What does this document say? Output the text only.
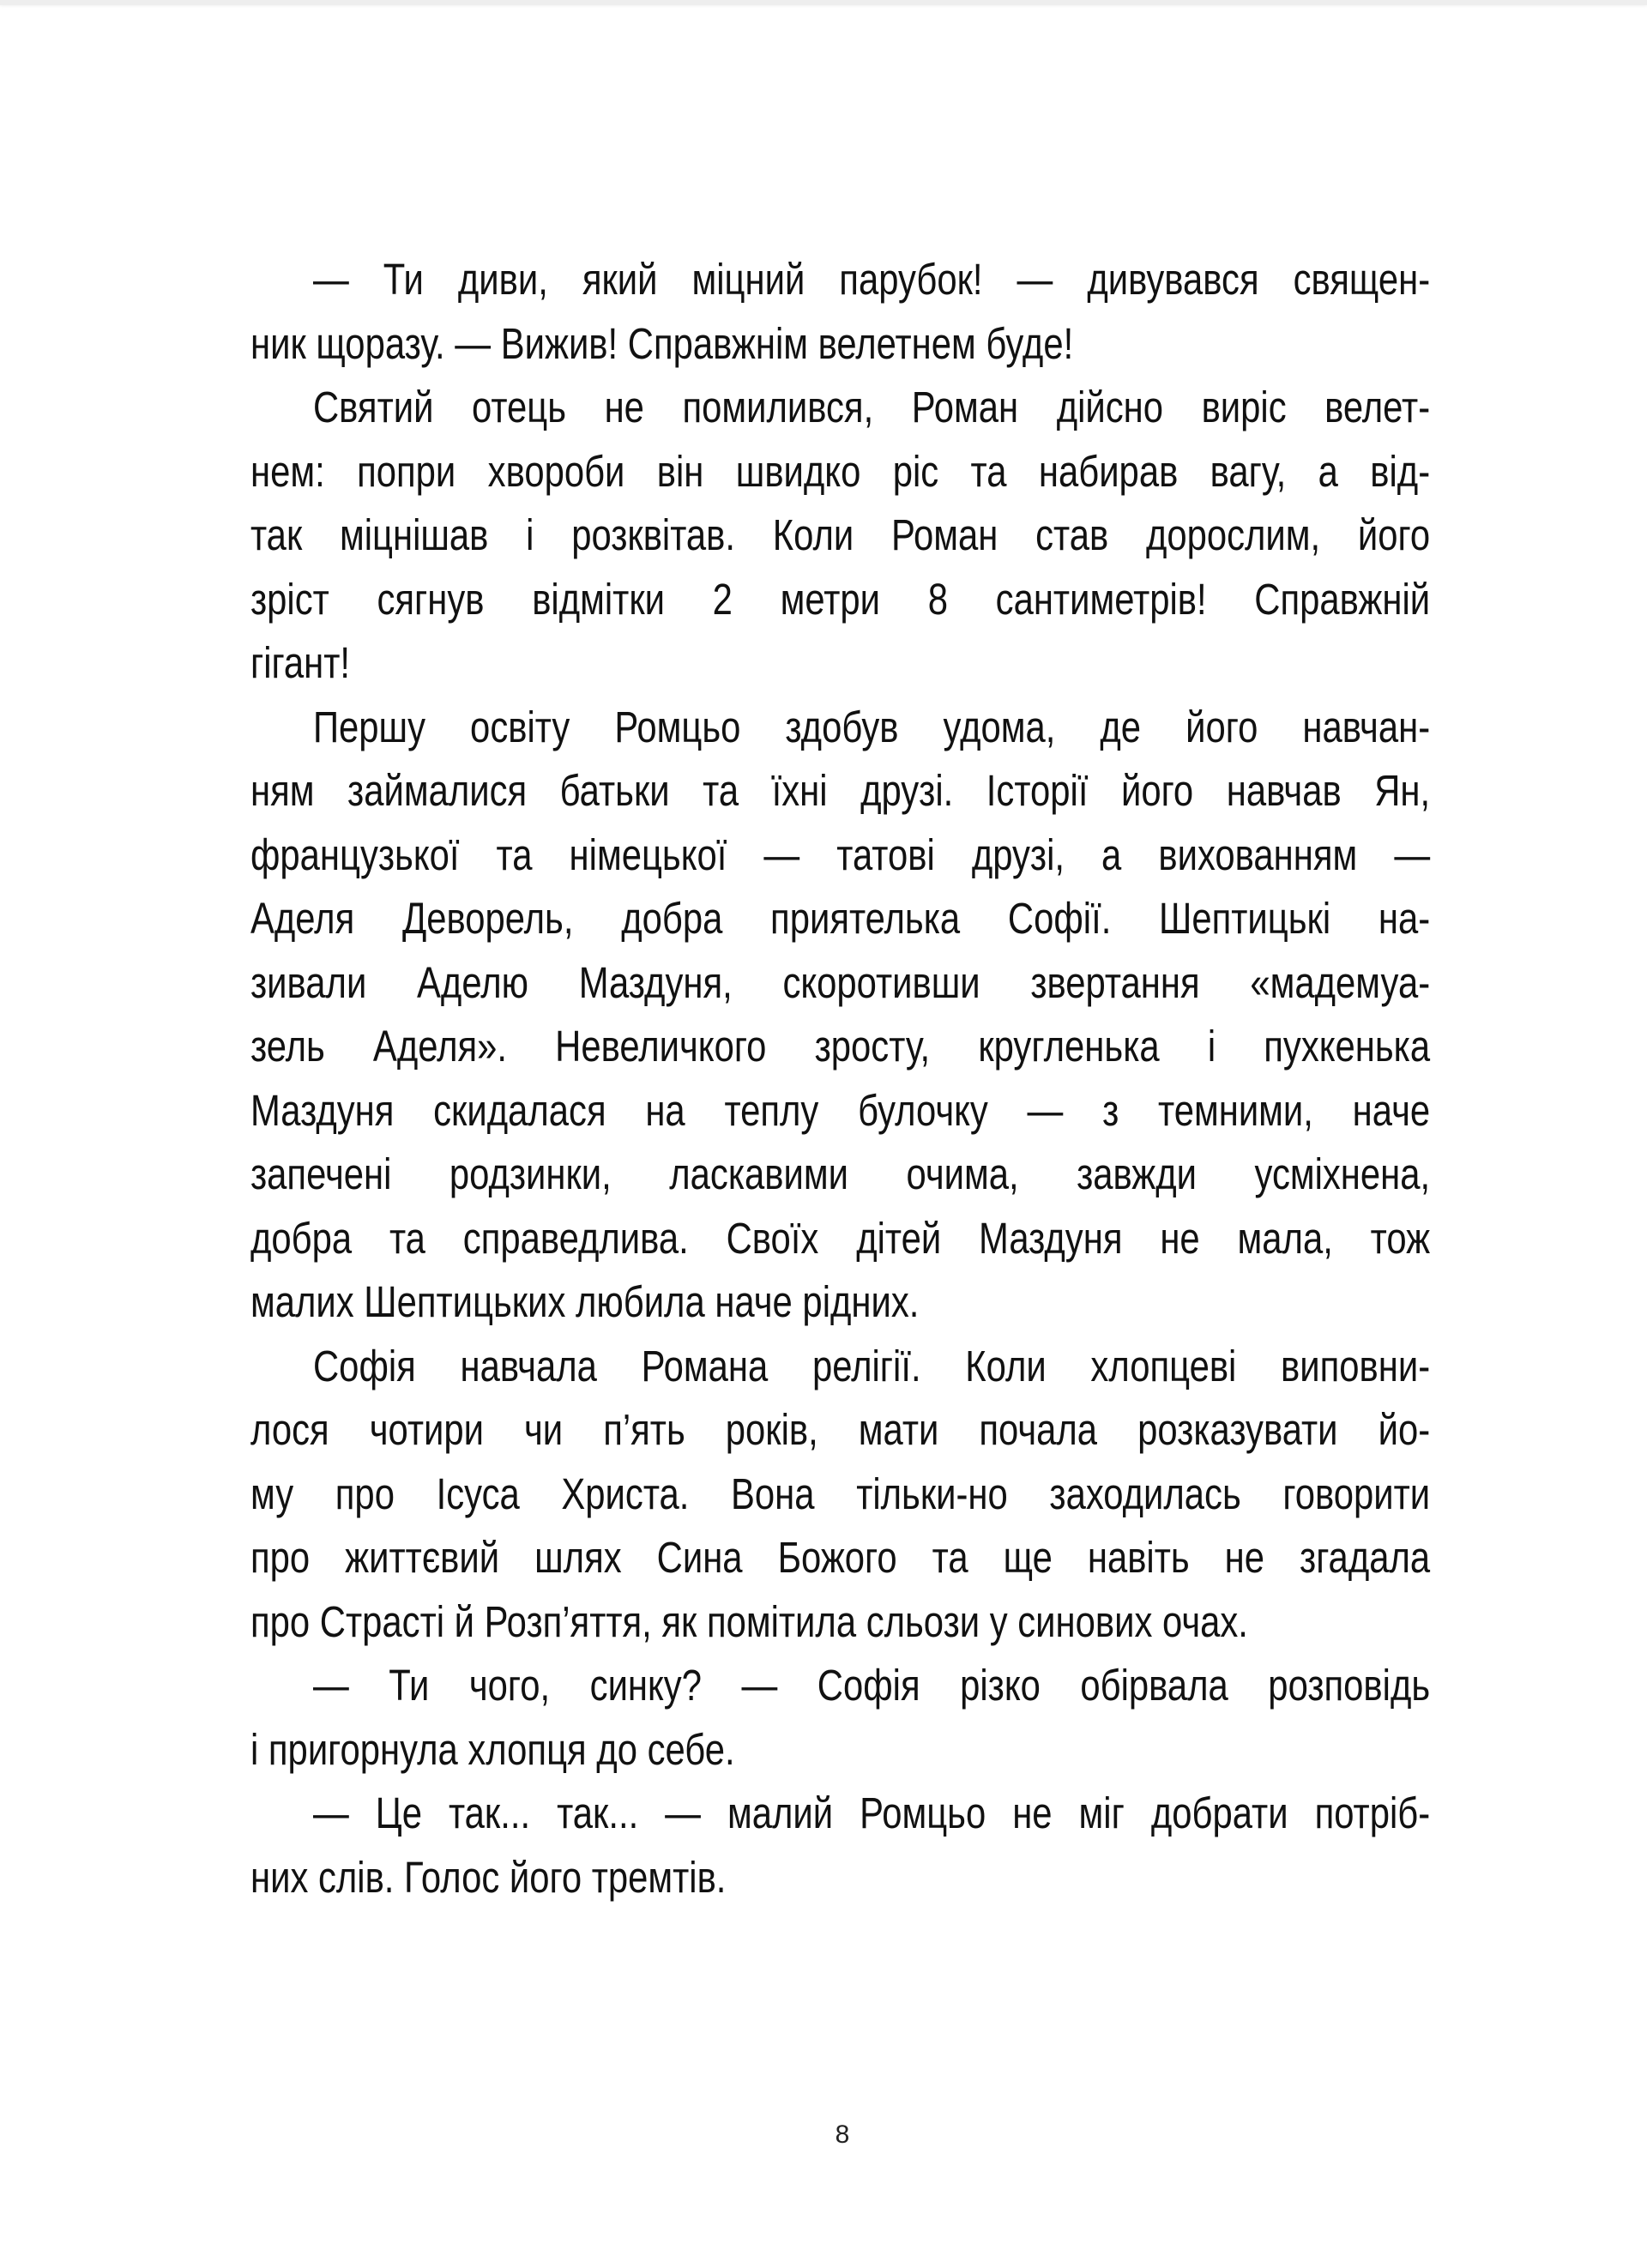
— Ти диви, який міцний парубок! — дивувався священ-
ник щоразу. — Вижив! Справжнім велетнем буде!
Святий отець не помилився, Роман дійсно виріс велет-
нем: попри хвороби він швидко ріс та набирав вагу, а від-
так міцнішав і розквітав. Коли Роман став дорослим, його
зріст сягнув відмітки 2 метри 8 сантиметрів! Справжній
гігант!
Першу освіту Ромцьо здобув удома, де його навчан-
ням займалися батьки та їхні друзі. Історії його навчав Ян,
французької та німецької — татові друзі, а вихованням —
Аделя Деворель, добра приятелька Софії. Шептицькі на-
зивали Аделю Маздуня, скоротивши звертання «мадемуа-
зель Аделя». Невеличкого зросту, кругленька і пухкенька
Маздуня скидалася на теплу булочку — з темними, наче
запечені родзинки, ласкавими очима, завжди усміхнена,
добра та справедлива. Своїх дітей Маздуня не мала, тож
малих Шептицьких любила наче рідних.
Софія навчала Романа релігії. Коли хлопцеві виповни-
лося чотири чи п’ять років, мати почала розказувати йо-
му про Ісуса Христа. Вона тільки-но заходилась говорити
про життєвий шлях Сина Божого та ще навіть не згадала
про Страсті й Розп’яття, як помітила сльози у синових очах.
— Ти чого, синку? — Софія різко обірвала розповідь
і пригорнула хлопця до себе.
— Це так... так... — малий Ромцьо не міг добрати потріб-
них слів. Голос його тремтів.
8
